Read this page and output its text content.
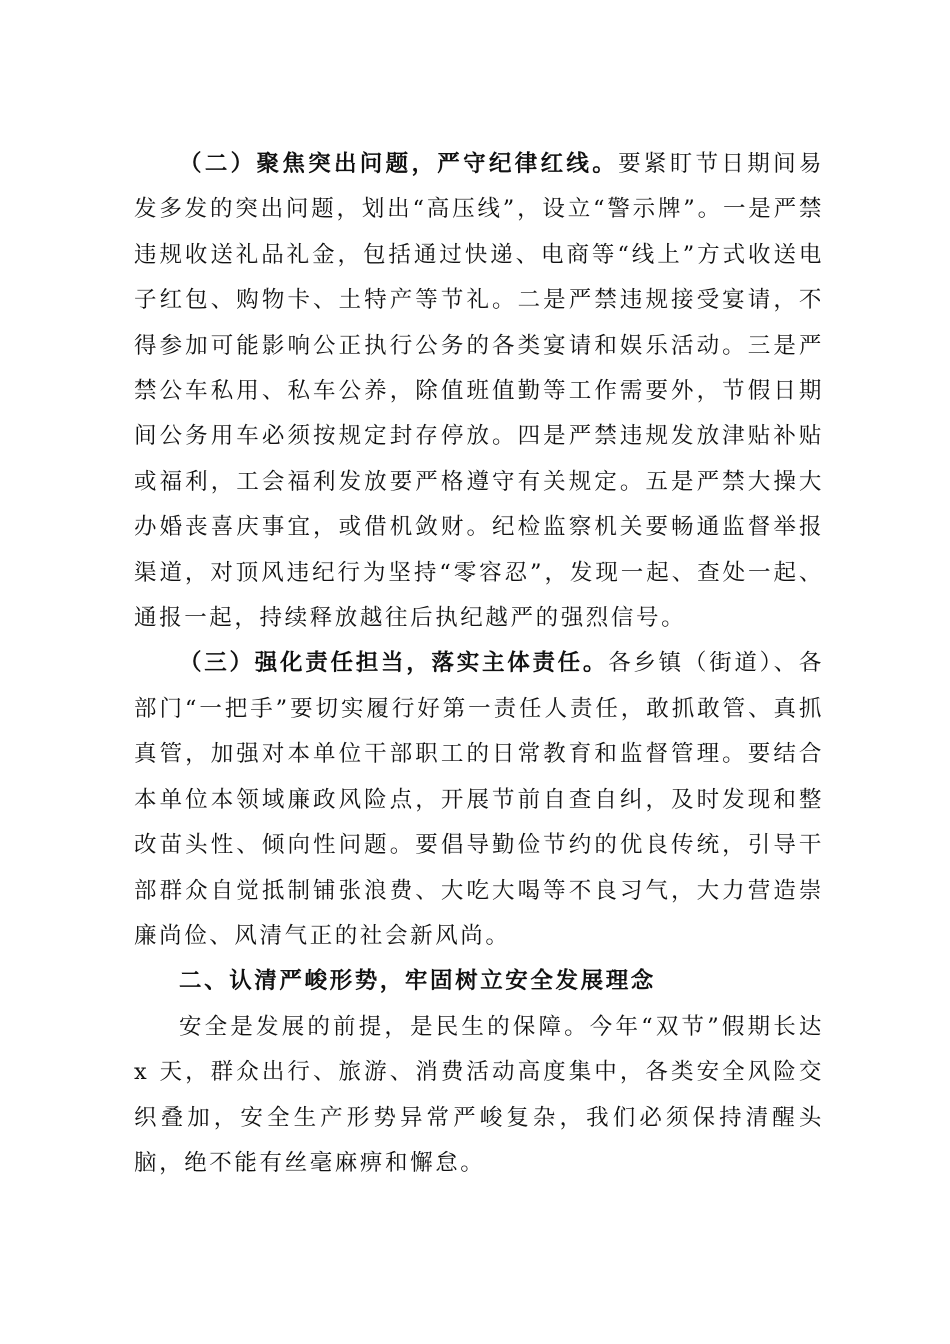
（二）聚焦突出问题，严守纪律红线。要紧盯节日期间易发多发的突出问题，划出“高压线”，设立“警示牌”。一是严禁违规收送礼品礼金，包括通过快递、电商等“线上”方式收送电子红包、购物卡、土特产等节礼。二是严禁违规接受宴请，不得参加可能影响公正执行公务的各类宴请和娱乐活动。三是严禁公车私用、私车公养，除值班值勤等工作需要外，节假日期间公务用车必须按规定封存停放。四是严禁违规发放津贴补贴或福利，工会福利发放要严格遵守有关规定。五是严禁大操大办婚丧喜庆事宜，或借机敛财。纪检监察机关要畅通监督举报渠道，对顶风违纪行为坚持“零容忍”，发现一起、查处一起、通报一起，持续释放越往后执纪越严的强烈信号。

（三）强化责任担当，落实主体责任。各乡镇（街道）、各部门“一把手”要切实履行好第一责任人责任，敢抓敢管、真抓真管，加强对本单位干部职工的日常教育和监督管理。要结合本单位本领域廉政风险点，开展节前自查自纠，及时发现和整改苗头性、倾向性问题。要倡导勤俭节约的优良传统，引导干部群众自觉抵制铺张浪费、大吃大喝等不良习气，大力营造崇廉尚俭、风清气正的社会新风尚。

二、认清严峻形势，牢固树立安全发展理念

安全是发展的前提，是民生的保障。今年“双节”假期长达 x 天，群众出行、旅游、消费活动高度集中，各类安全风险交织叠加，安全生产形势异常严峻复杂，我们必须保持清醒头脑，绝不能有丝毫麻痹和懈怠。
